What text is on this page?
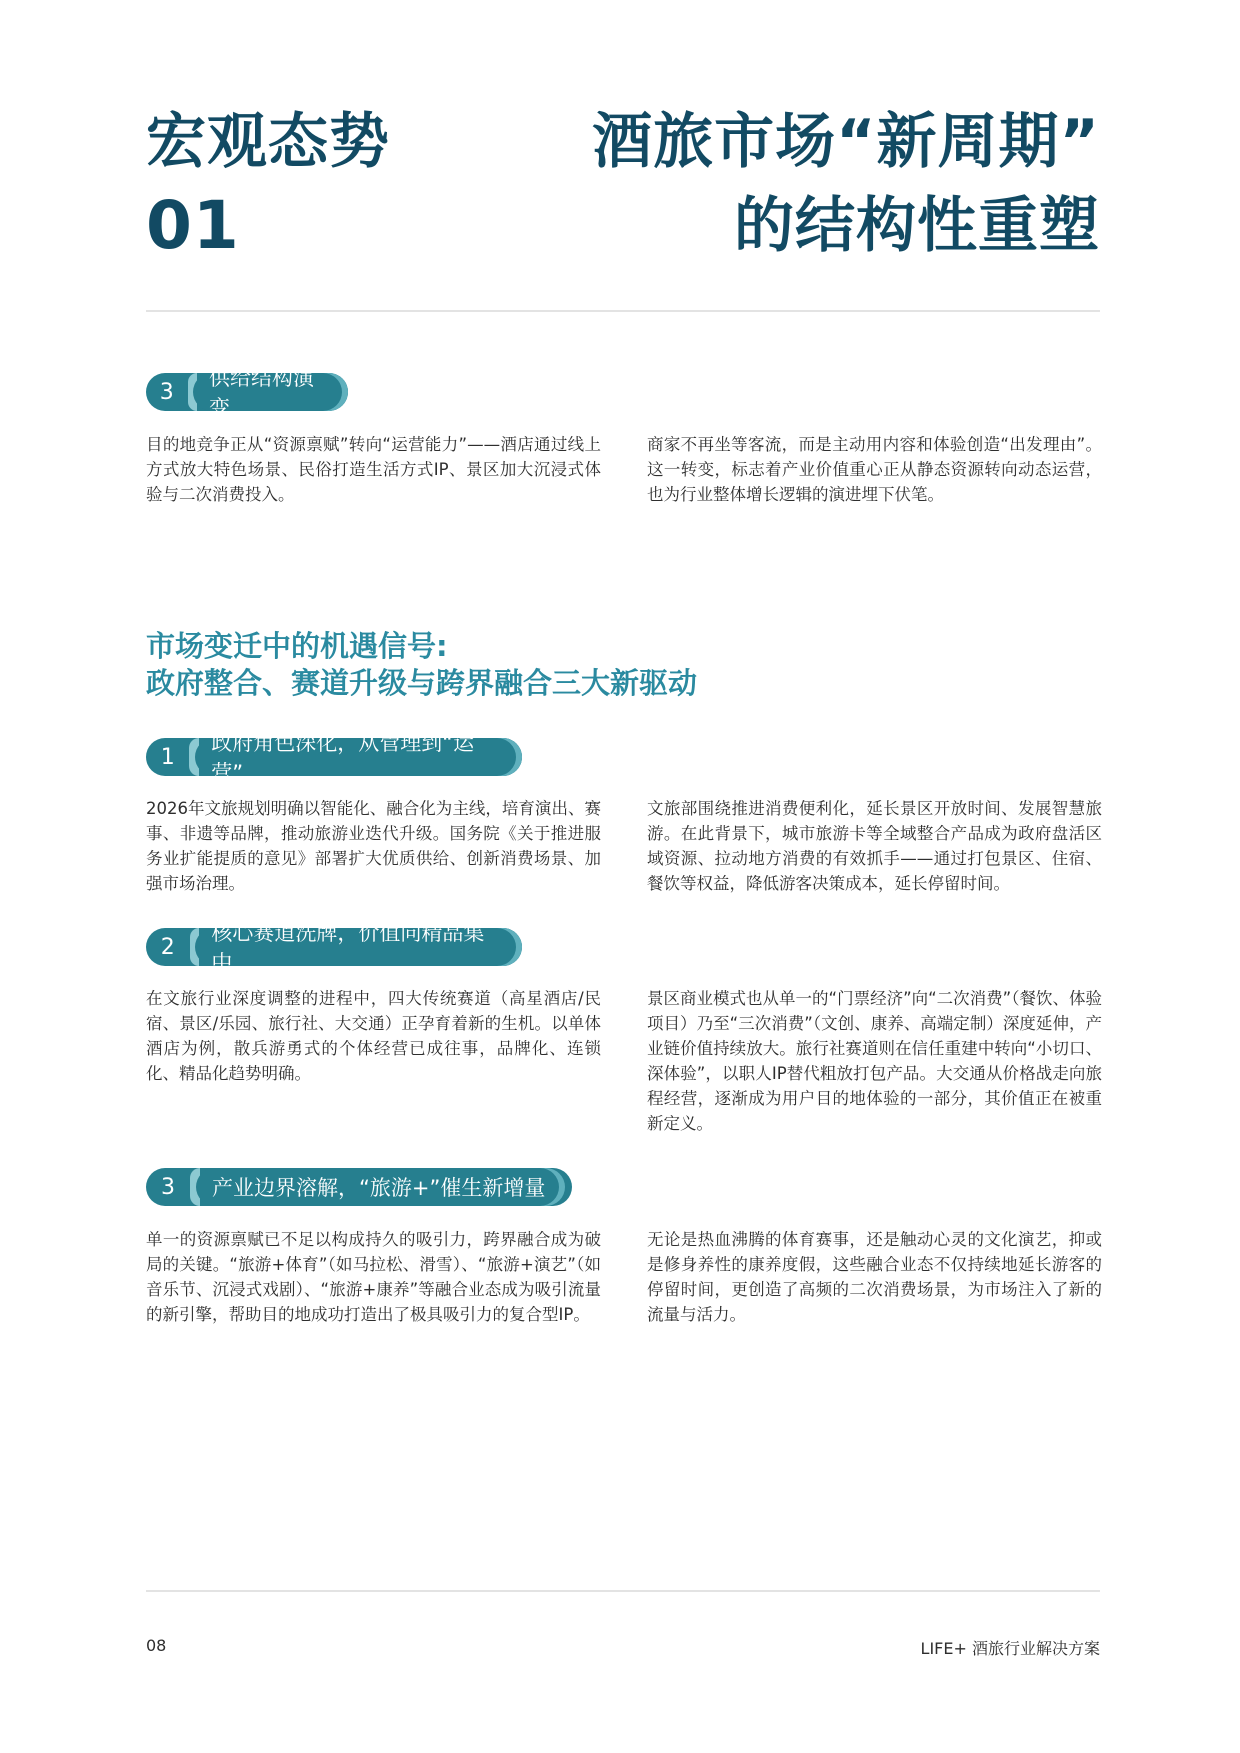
宏观态势
01
酒旅市场“新周期”
的结构性重塑
3
供给结构演变
目的地竞争正从“资源禀赋”转向“运营能力”——酒店通过线上方式放大特色场景、民俗打造生活方式IP、景区加大沉浸式体验与二次消费投入。
商家不再坐等客流，而是主动用内容和体验创造“出发理由”。这一转变，标志着产业价值重心正从静态资源转向动态运营，也为行业整体增长逻辑的演进埋下伏笔。
市场变迁中的机遇信号:
政府整合、赛道升级与跨界融合三大新驱动
1
政府角色深化，从管理到“运营”
2026年文旅规划明确以智能化、融合化为主线，培育演出、赛事、非遗等品牌，推动旅游业迭代升级。国务院《关于推进服务业扩能提质的意见》部署扩大优质供给、创新消费场景、加强市场治理。
文旅部围绕推进消费便利化，延长景区开放时间、发展智慧旅游。在此背景下，城市旅游卡等全域整合产品成为政府盘活区域资源、拉动地方消费的有效抓手——通过打包景区、住宿、餐饮等权益，降低游客决策成本，延长停留时间。
2
核心赛道洗牌，价值向精品集中
在文旅行业深度调整的进程中，四大传统赛道（高星酒店/民宿、景区/乐园、旅行社、大交通）正孕育着新的生机。以单体酒店为例，散兵游勇式的个体经营已成往事，品牌化、连锁化、精品化趋势明确。
景区商业模式也从单一的“门票经济”向“二次消费”（餐饮、体验项目）乃至“三次消费”（文创、康养、高端定制）深度延伸，产业链价值持续放大。旅行社赛道则在信任重建中转向“小切口、深体验”，以职人IP替代粗放打包产品。大交通从价格战走向旅程经营，逐渐成为用户目的地体验的一部分，其价值正在被重新定义。
3	产业边界溶解，“旅游+”催生新增量
单一的资源禀赋已不足以构成持久的吸引力，跨界融合成为破局的关键。“旅游+体育”（如马拉松、滑雪）、“旅游+演艺”（如音乐节、沉浸式戏剧）、“旅游+康养”等融合业态成为吸引流量的新引擎，帮助目的地成功打造出了极具吸引力的复合型IP。
无论是热血沸腾的体育赛事，还是触动心灵的文化演艺，抑或是修身养性的康养度假，这些融合业态不仅持续地延长游客的停留时间，更创造了高频的二次消费场景，为市场注入了新的流量与活力。
08	LIFE+ 酒旅行业解决方案
